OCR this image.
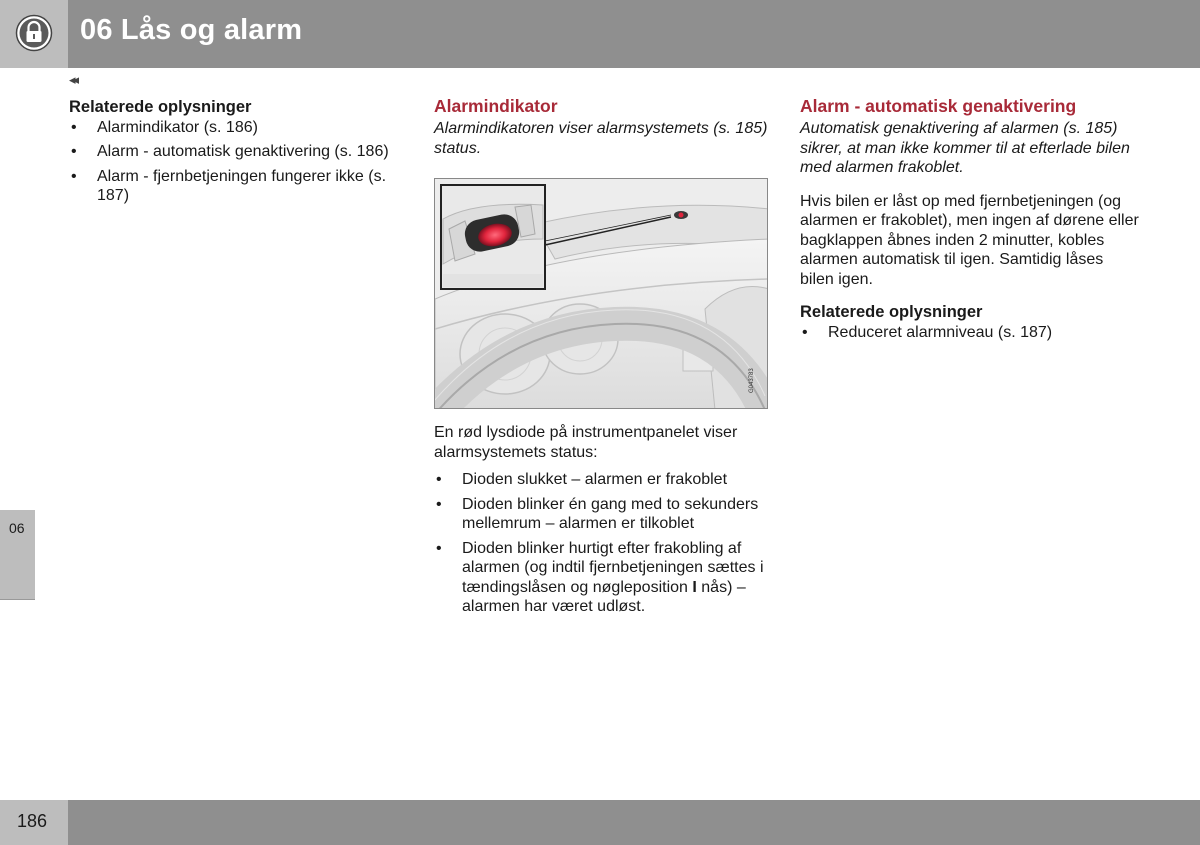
06 Lås og alarm
◂◂
Relaterede oplysninger
• Alarmindikator (s. 186)
• Alarm - automatisk genaktivering (s. 186)
• Alarm - fjernbetjeningen fungerer ikke (s. 187)
Alarmindikator
Alarmindikatoren viser alarmsystemets (s. 185) status.
G043783
En rød lysdiode på instrumentpanelet viser alarmsystemets status:
• Dioden slukket – alarmen er frakoblet
• Dioden blinker én gang med to sekunders mellemrum – alarmen er tilkoblet
• Dioden blinker hurtigt efter frakobling af alarmen (og indtil fjernbetjeningen sættes i tændingslåsen og nøgleposition I nås) – alarmen har været udløst.
Alarm - automatisk genaktivering
Automatisk genaktivering af alarmen (s. 185) sikrer, at man ikke kommer til at efterlade bilen med alarmen frakoblet.
Hvis bilen er låst op med fjernbetjeningen (og alarmen er frakoblet), men ingen af dørene eller bagklappen åbnes inden 2 minutter, kobles alarmen automatisk til igen. Samtidig låses bilen igen.
Relaterede oplysninger
• Reduceret alarmniveau (s. 187)
06
186
